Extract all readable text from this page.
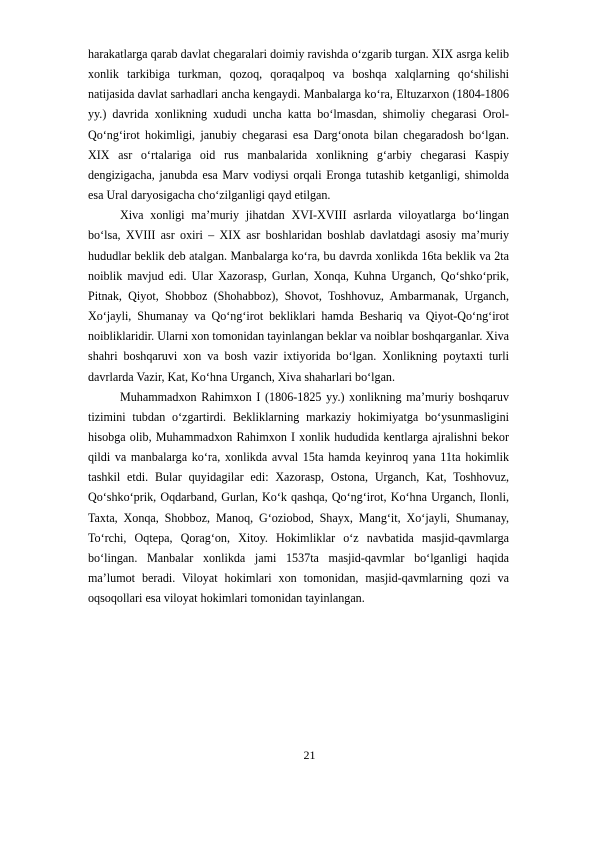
harakatlarga qarab davlat chegaralari doimiy ravishda o‘zgarib turgan. XIX asrga kelib xonlik tarkibiga turkman, qozoq, qoraqalpoq va boshqa xalqlarning qo‘shilishi natijasida davlat sarhadlari ancha kengaydi. Manbalarga ko‘ra, Eltuzarxon (1804-1806 yy.) davrida xonlikning xududi uncha katta bo‘lmasdan, shimoliy chegarasi Orol-Qo‘ng‘irot hokimligi, janubiy chegarasi esa Darg‘onota bilan chegaradosh bo‘lgan. XIX asr o‘rtalariga oid rus manbalarida xonlikning g‘arbiy chegarasi Kaspiy dengizigacha, janubda esa Marv vodiysi orqali Eronga tutashib ketganligi, shimolda esa Ural daryosigacha cho‘zilganligi qayd etilgan.

Xiva xonligi ma’muriy jihatdan XVI-XVIII asrlarda viloyatlarga bo‘lingan bo‘lsa, XVIII asr oxiri – XIX asr boshlaridan boshlab davlatdagi asosiy ma’muriy hududlar beklik deb atalgan. Manbalarga ko‘ra, bu davrda xonlikda 16ta beklik va 2ta noiblik mavjud edi. Ular Xazorasp, Gurlan, Xonqa, Kuhna Urganch, Qo‘shko‘prik, Pitnak, Qiyot, Shobboz (Shohabboz), Shovot, Toshhovuz, Ambarmanak, Urganch, Xo‘jayli, Shumanay va Qo‘ng‘irot bekliklari hamda Beshariq va Qiyot-Qo‘ng‘irot noibliklaridir. Ularni xon tomonidan tayinlangan beklar va noiblar boshqarganlar. Xiva shahri boshqaruvi xon va bosh vazir ixtiyorida bo‘lgan. Xonlikning poytaxti turli davrlarda Vazir, Kat, Ko‘hna Urganch, Xiva shaharlari bo‘lgan.

Muhammadxon Rahimxon I (1806-1825 yy.) xonlikning ma’muriy boshqaruv tizimini tubdan o‘zgartirdi. Bekliklarning markaziy hokimiyatga bo‘ysunmasligini hisobga olib, Muhammadxon Rahimxon I xonlik hududida kentlarga ajralishni bekor qildi va manbalarga ko‘ra, xonlikda avval 15ta hamda keyinroq yana 11ta hokimlik tashkil etdi. Bular quyidagilar edi: Xazorasp, Ostona, Urganch, Kat, Toshhovuz, Qo‘shko‘prik, Oqdarband, Gurlan, Ko‘k qashqa, Qo‘ng‘irot, Ko‘hna Urganch, Ilonli, Taxta, Xonqa, Shobboz, Manoq, G‘oziobod, Shayx, Mang‘it, Xo‘jayli, Shumanay, To‘rchi, Oqtepa, Qorag‘on, Xitoy. Hokimliklar o‘z navbatida masjid-qavmlarga bo‘lingan. Manbalar xonlikda jami 1537ta masjid-qavmlar bo‘lganligi haqida ma’lumot beradi. Viloyat hokimlari xon tomonidan, masjid-qavmlarning qozi va oqsoqollari esa viloyat hokimlari tomonidan tayinlangan.

21
